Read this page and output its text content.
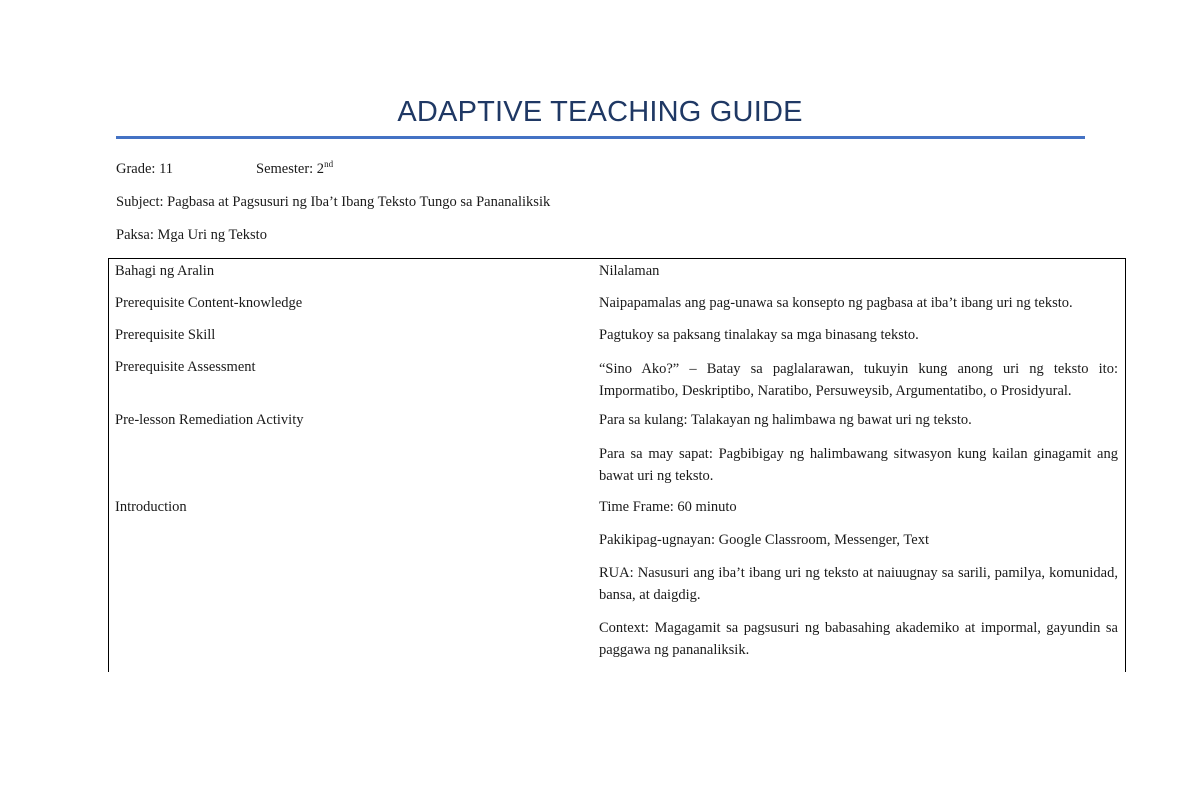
ADAPTIVE TEACHING GUIDE
Grade: 11	Semester: 2nd
Subject: Pagbasa at Pagsusuri ng Iba’t Ibang Teksto Tungo sa Pananaliksik
Paksa: Mga Uri ng Teksto
Bahagi ng Aralin	Nilalaman

Prerequisite Content-knowledge	Naipapamalas ang pag-unawa sa konsepto ng pagbasa at iba’t ibang uri ng teksto.

Prerequisite Skill	Pagtukoy sa paksang tinalakay sa mga binasang teksto.

Prerequisite Assessment	“Sino Ako?” – Batay sa paglalarawan, tukuyin kung anong uri ng teksto ito: Impormatibo, Deskriptibo, Naratibo, Persuweysib, Argumentatibo, o Prosidyural.

Pre-lesson Remediation Activity	Para sa kulang: Talakayan ng halimbawa ng bawat uri ng teksto.

Para sa may sapat: Pagbibigay ng halimbawang sitwasyon kung kailan ginagamit ang bawat uri ng teksto.

Introduction	Time Frame: 60 minuto

Pakikipag-ugnayan: Google Classroom, Messenger, Text

RUA: Nasusuri ang iba’t ibang uri ng teksto at naiuugnay sa sarili, pamilya, komunidad, bansa, at daigdig.

Context: Magagamit sa pagsusuri ng babasahing akademiko at impormal, gayundin sa paggawa ng pananaliksik.
